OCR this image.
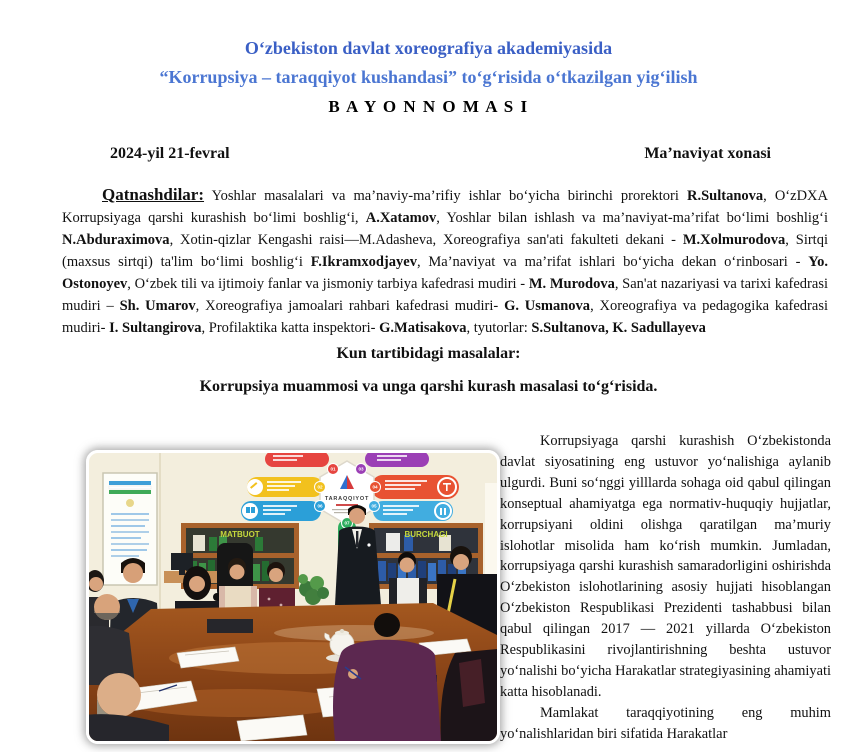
O‘zbekiston davlat xoreografiya akademiyasida
“Korrupsiya – taraqqiyot kushandasi” to‘g‘risida o‘tkazilgan yig‘ilish
B A Y O N N O M A S I
2024-yil 21-fevral	Ma’naviyat xonasi

Qatnashdilar: Yoshlar masalalari va ma’naviy-ma’rifiy ishlar bo‘yicha birinchi prorektori R.Sultanova, O‘zDXA Korrupsiyaga qarshi kurashish bo‘limi boshlig‘i, A.Xatamov, Yoshlar bilan ishlash va ma’naviyat-ma’rifat bo‘limi boshlig‘i N.Abduraximova, Xotin-qizlar Kengashi raisi—M.Adasheva, Xoreografiya san'ati fakulteti dekani - M.Xolmurodova, Sirtqi (maxsus sirtqi) ta'lim bo‘limi boshlig‘i F.Ikramxodjayev, Ma’naviyat va ma’rifat ishlari bo‘yicha dekan o‘rinbosari - Yo. Ostonoyev, O‘zbek tili va ijtimoiy fanlar va jismoniy tarbiya kafedrasi mudiri - M. Murodova, San'at nazariyasi va tarixi kafedrasi mudiri – Sh. Umarov, Xoreografiya jamoalari rahbari kafedrasi mudiri- G. Usmanova, Xoreografiya va pedagogika kafedrasi mudiri- I. Sultangirova, Profilaktika katta inspektori- G.Matisakova, tyutorlar: S.Sultanova, K. Sadullayeva

Kun tartibidagi masalalar:
Korrupsiya muammosi va unga qarshi kurash masalasi to‘g‘risida.
TARAQQIYOT
01
02
03
04
05
06
07
MATBUOT	BURCHAGI

Korrupsiyaga qarshi kurashish O‘zbekistonda davlat siyosatining eng ustuvor yo‘nalishiga aylanib ulgurdi. Buni so‘nggi yilllarda sohaga oid qabul qilingan konseptual ahamiyatga ega normativ-huquqiy hujjatlar, korrupsiyani oldini olishga qaratilgan ma’muriy islohotlar misolida ham ko‘rish mumkin. Jumladan, korrupsiyaga qarshi kurashish samaradorligini oshirishda O‘zbekiston islohotlarining asosiy hujjati hisoblangan O‘zbekiston Respublikasi Prezidenti tashabbusi bilan qabul qilingan 2017 — 2021 yillarda O‘zbekiston Respublikasini rivojlantirishning beshta ustuvor yo‘nalishi bo‘yicha Harakatlar strategiyasining ahamiyati katta hisoblanadi.

Mamlakat taraqqiyotining eng muhim yo‘nalishlaridan biri sifatida Harakatlar
